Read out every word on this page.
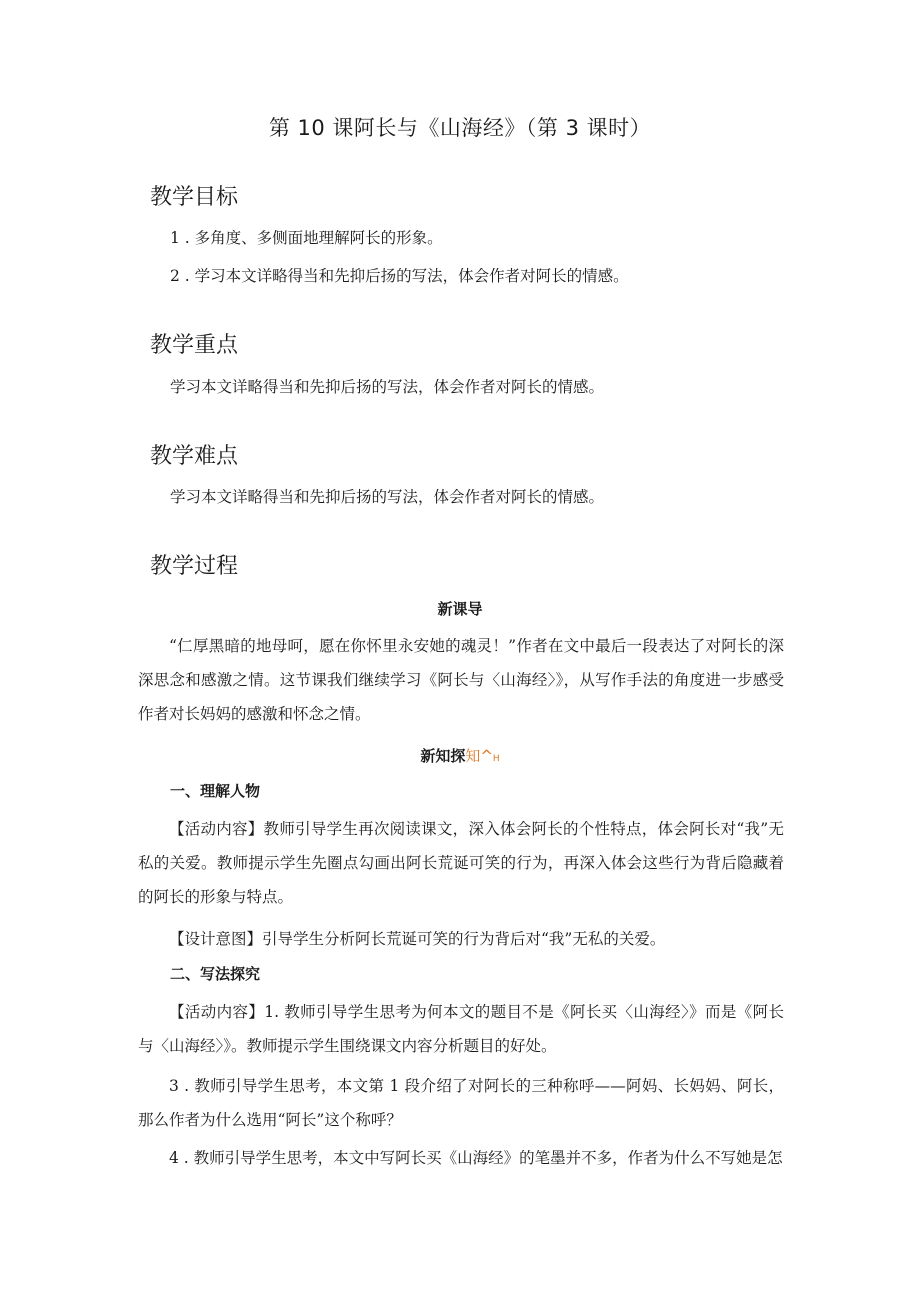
第 10 课阿长与《山海经》（第 3 课时）
教学目标
1 . 多角度、多侧面地理解阿长的形象。
2 . 学习本文详略得当和先抑后扬的写法，体会作者对阿长的情感。
教学重点
学习本文详略得当和先抑后扬的写法，体会作者对阿长的情感。
教学难点
学习本文详略得当和先抑后扬的写法，体会作者对阿长的情感。
教学过程
新课导
“仁厚黑暗的地母呵，愿在你怀里永安她的魂灵！”作者在文中最后一段表达了对阿长的深深思念和感激之情。这节课我们继续学习《阿长与〈山海经〉》，从写作手法的角度进一步感受作者对长妈妈的感激和怀念之情。
新知探知^H
一、理解人物
【活动内容】教师引导学生再次阅读课文，深入体会阿长的个性特点，体会阿长对“我”无私的关爱。教师提示学生先圈点勾画出阿长荒诞可笑的行为，再深入体会这些行为背后隐藏着的阿长的形象与特点。
【设计意图】引导学生分析阿长荒诞可笑的行为背后对“我”无私的关爱。
二、写法探究
【活动内容】1. 教师引导学生思考为何本文的题目不是《阿长买〈山海经〉》而是《阿长与〈山海经〉》。教师提示学生围绕课文内容分析题目的好处。
3 . 教师引导学生思考，本文第 1 段介绍了对阿长的三种称呼——阿妈、长妈妈、阿长，那么作者为什么选用“阿长”这个称呼？
4 . 教师引导学生思考，本文中写阿长买《山海经》的笔墨并不多，作者为什么不写她是怎
